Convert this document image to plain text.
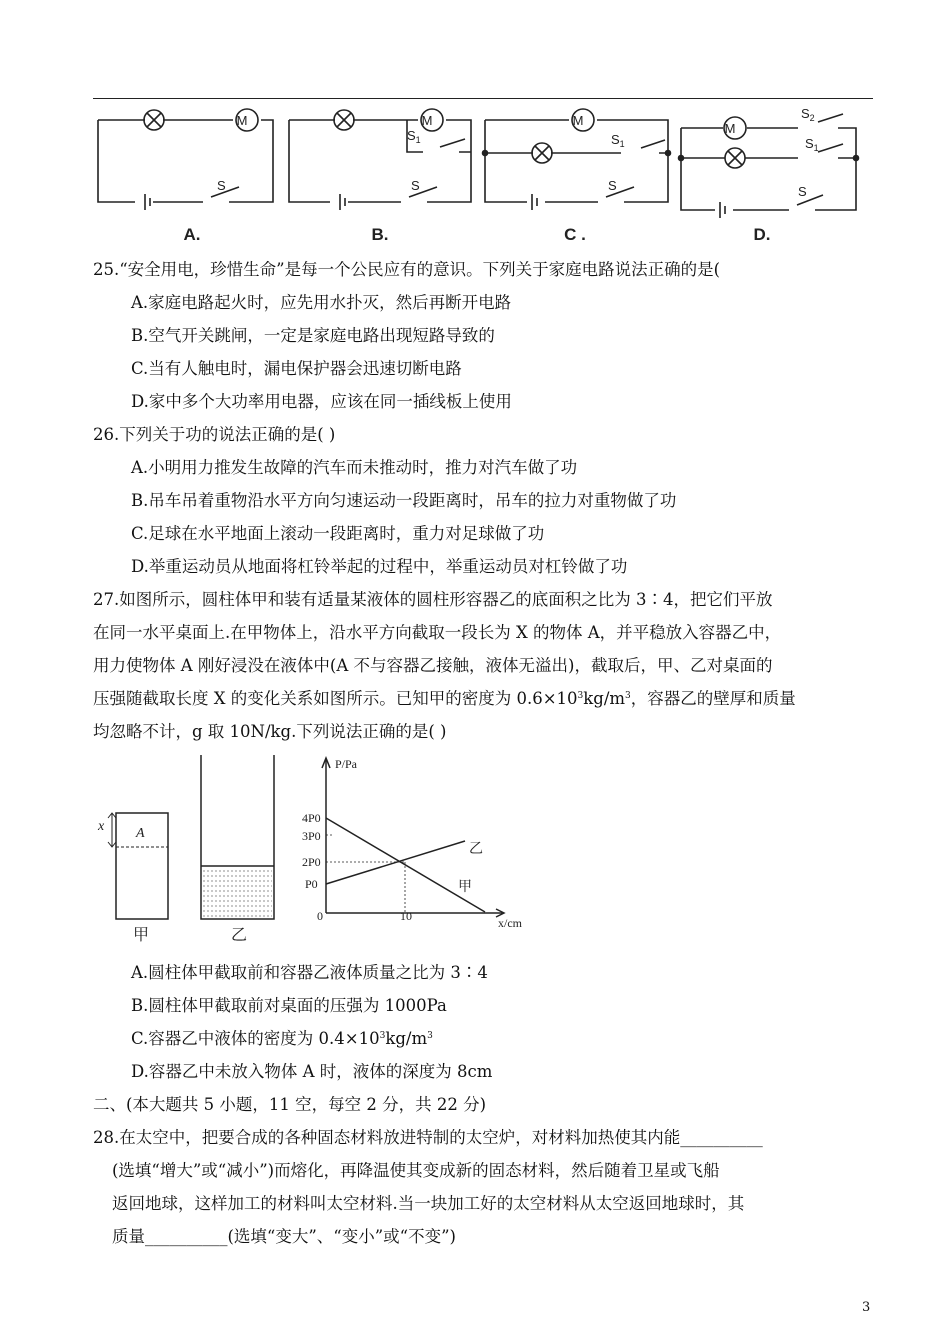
M	M	M
M
S	S
$S_1$
S
$S_1$
S
$S_1$
$S_2$
A.	B.	C .	D.
25.“安全用电，珍惜生命”是每一个公民应有的意识。下列关于家庭电路说法正确的是(
A.家庭电路起火时，应先用水扑灭，然后再断开电路
B.空气开关跳闸，一定是家庭电路出现短路导致的
C.当有人触电时，漏电保护器会迅速切断电路
D.家中多个大功率用电器，应该在同一插线板上使用
26.下列关于功的说法正确的是( )
A.小明用力推发生故障的汽车而未推动时，推力对汽车做了功
B.吊车吊着重物沿水平方向匀速运动一段距离时，吊车的拉力对重物做了功
C.足球在水平地面上滚动一段距离时，重力对足球做了功
D.举重运动员从地面将杠铃举起的过程中，举重运动员对杠铃做了功
27.如图所示，圆柱体甲和装有适量某液体的圆柱形容器乙的底面积之比为 3∶4，把它们平放
在同一水平桌面上.在甲物体上，沿水平方向截取一段长为 X 的物体 A，并平稳放入容器乙中，
用力使物体 A 刚好浸没在液体中(A 不与容器乙接触，液体无溢出)，截取后，甲、乙对桌面的
压强随截取长度 X 的变化关系如图所示。已知甲的密度为 $0.6\times 10^3kg/m^3$，容器乙的壁厚和质量
均忽略不计，g 取 10N/kg.下列说法正确的是( )
x A
甲	乙
P/Pa
x/cm
0	10
4P0
3P0
2P0
P0
乙
甲
A.圆柱体甲截取前和容器乙液体质量之比为 3∶4
B.圆柱体甲截取前对桌面的压强为 1000Pa
C.容器乙中液体的密度为 $0.4\times 10^3kg/m^3$
D.容器乙中未放入物体 A 时，液体的深度为 8cm
二、(本大题共 5 小题，11 空，每空 2 分，共 22 分)
28.在太空中，把要合成的各种固态材料放进特制的太空炉，对材料加热使其内能__________
(选填“增大”或“减小”)而熔化，再降温使其变成新的固态材料，然后随着卫星或飞船
返回地球，这样加工的材料叫太空材料.当一块加工好的太空材料从太空返回地球时，其
质量__________(选填“变大”、“变小”或“不变”)
3
